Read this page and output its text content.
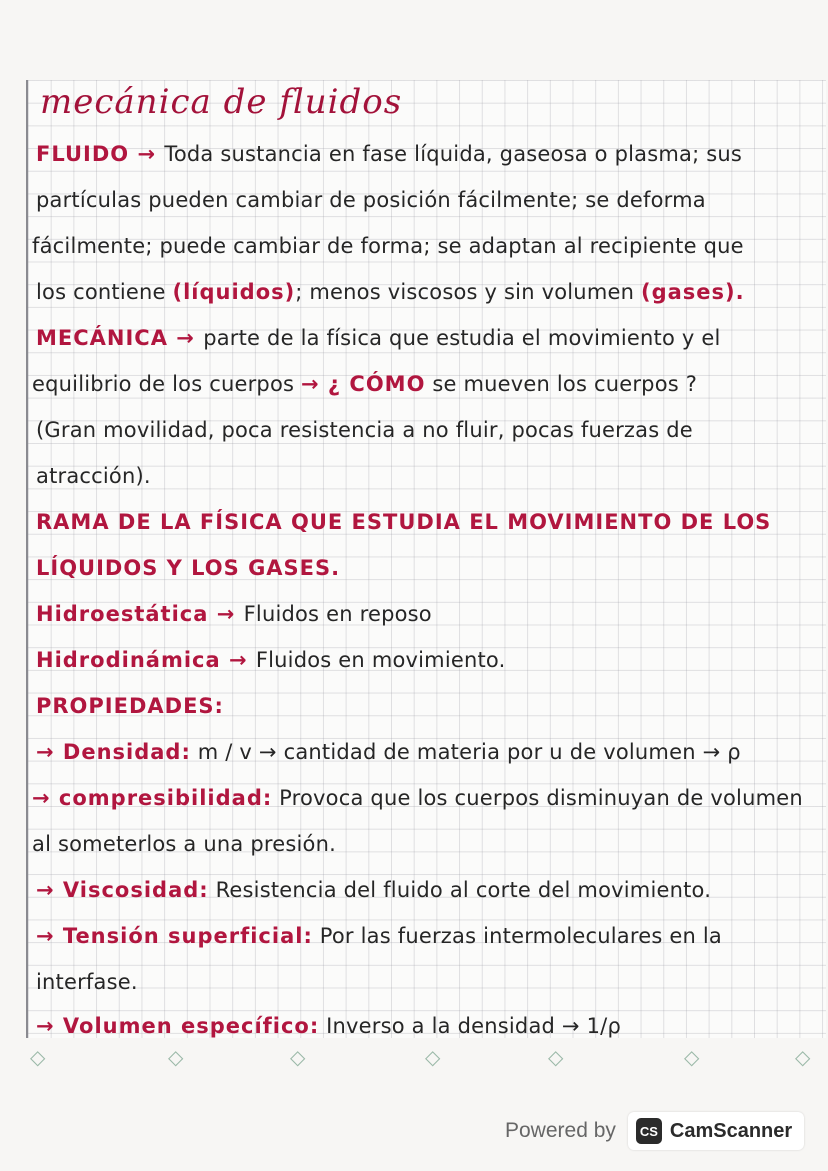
mecánica de fluidos
FLUIDO → Toda sustancia en fase líquida, gaseosa o plasma; sus
partículas pueden cambiar de posición fácilmente; se deforma
fácilmente; puede cambiar de forma; se adaptan al recipiente que
los contiene (líquidos); menos viscosos y sin volumen (gases).
MECÁNICA → parte de la física que estudia el movimiento y el
equilibrio de los cuerpos → ¿ CÓMO se mueven los cuerpos ?
(Gran movilidad, poca resistencia a no fluir, pocas fuerzas de
atracción).
RAMA DE LA FÍSICA QUE ESTUDIA EL MOVIMIENTO DE LOS
LÍQUIDOS Y LOS GASES.
Hidroestática → Fluidos en reposo
Hidrodinámica → Fluidos en movimiento.
PROPIEDADES:
→ Densidad: m / v → cantidad de materia por u de volumen → ρ
→ compresibilidad: Provoca que los cuerpos disminuyan de volumen
al someterlos a una presión.
→ Viscosidad: Resistencia del fluido al corte del movimiento.
→ Tensión superficial: Por las fuerzas intermoleculares en la
interfase.
→ Volumen específico: Inverso a la densidad → 1/ρ
◇	◇	◇	◇	◇	◇	◇
Powered by	CS CamScanner
